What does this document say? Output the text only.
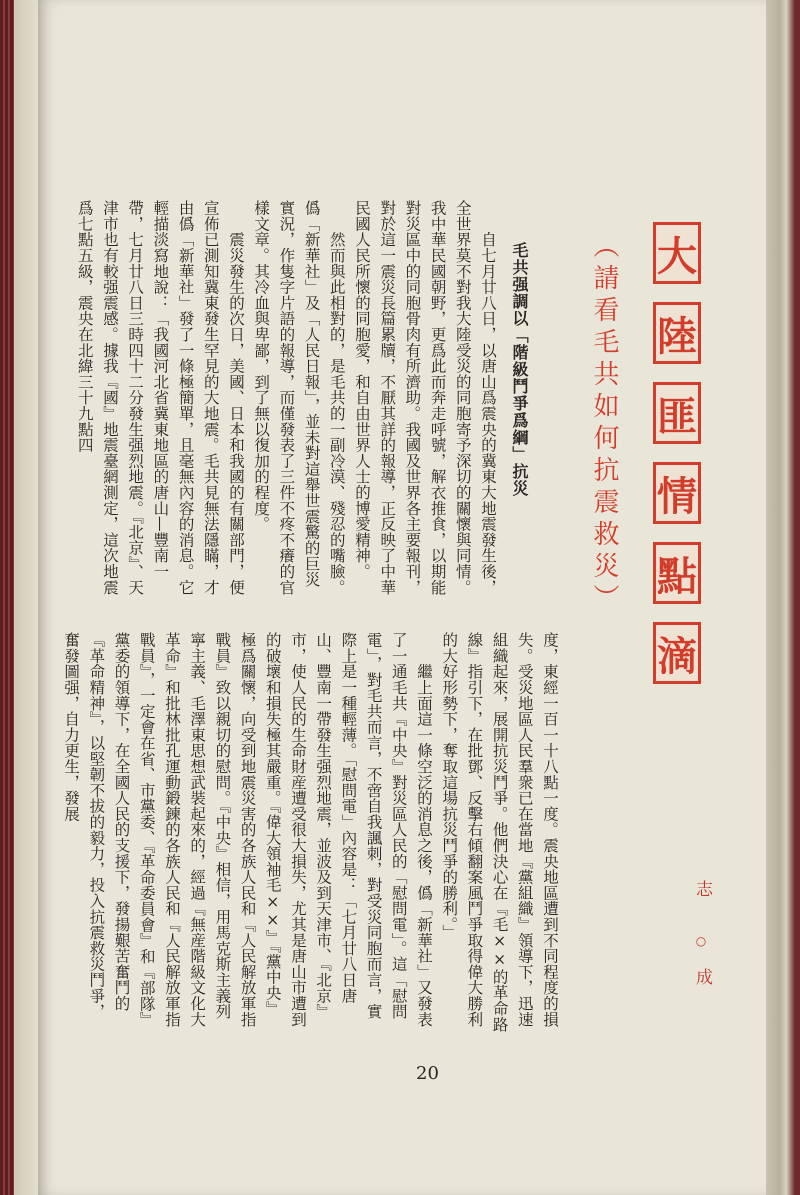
大
陸
匪
情
點
滴
（請看毛共如何抗震救災）
志
○
成
毛共强調以「階級鬥爭爲綱」抗災
　　自七月廿八日，以唐山爲震央的冀東大地震發生後，全世界莫不對我大陸受災的同胞寄予深切的關懷與同情。我中華民國朝野，更爲此而奔走呼號，解衣推食，以期能對災區中的同胞骨肉有所濟助。我國及世界各主要報刊，對於這一震災長篇累牘，不厭其詳的報導，正反映了中華民國人民所懷的同胞愛，和自由世界人士的博愛精神。
　　然而與此相對的，是毛共的一副冷漠、殘忍的嘴臉。僞「新華社」及「人民日報」，並未對這舉世震驚的巨災實況，作隻字片語的報導，而僅發表了三件不疼不癢的官樣文章。其冷血與卑鄙，到了無以復加的程度。
　　震災發生的次日，美國、日本和我國的有關部門，便宣佈已測知冀東發生罕見的大地震。毛共見無法隱瞞，才由僞「新華社」發了一條極簡單，且毫無內容的消息。它輕描淡寫地說：「我國河北省冀東地區的唐山—豐南一帶，七月廿八日三時四十二分發生强烈地震。『北京』、天津市也有較强震感。據我『國』地震臺網測定，這次地震爲七點五級，震央在北緯三十九點四
度，東經一百一十八點一度。震央地區遭到不同程度的損失。受災地區人民羣衆已在當地『黨組織』領導下，迅速組織起來，展開抗災鬥爭。他們決心在『毛××的革命路線』指引下，在批鄧、反擊右傾翻案風鬥爭取得偉大勝利的大好形勢下，奪取這場抗災鬥爭的勝利。」
　　繼上面這一條空泛的消息之後，僞「新華社」又發表了一通毛共『中央』對災區人民的「慰問電」。這「慰問電」，對毛共而言，不啻自我諷刺，對受災同胞而言，實際上是一種輕薄。「慰問電」內容是：「七月廿八日唐山、豐南一帶發生强烈地震，並波及到天津市、『北京』市，使人民的生命財産遭受很大損失，尤其是唐山市遭到的破壞和損失極其嚴重。『偉大領袖毛××』『黨中央』極爲關懷，向受到地震災害的各族人民和『人民解放軍指戰員』致以親切的慰問。『中央』相信，用馬克斯主義列寧主義、毛澤東思想武裝起來的，經過『無産階級文化大革命』和批林批孔運動鍛鍊的各族人民和『人民解放軍指戰員』，一定會在省、市黨委、『革命委員會』和『部隊』黨委的領導下，在全國人民的支援下，發揚艱苦奮鬥的『革命精神』，以堅韌不拔的毅力，投入抗震救災鬥爭，奮發圖强，自力更生，發展
20
